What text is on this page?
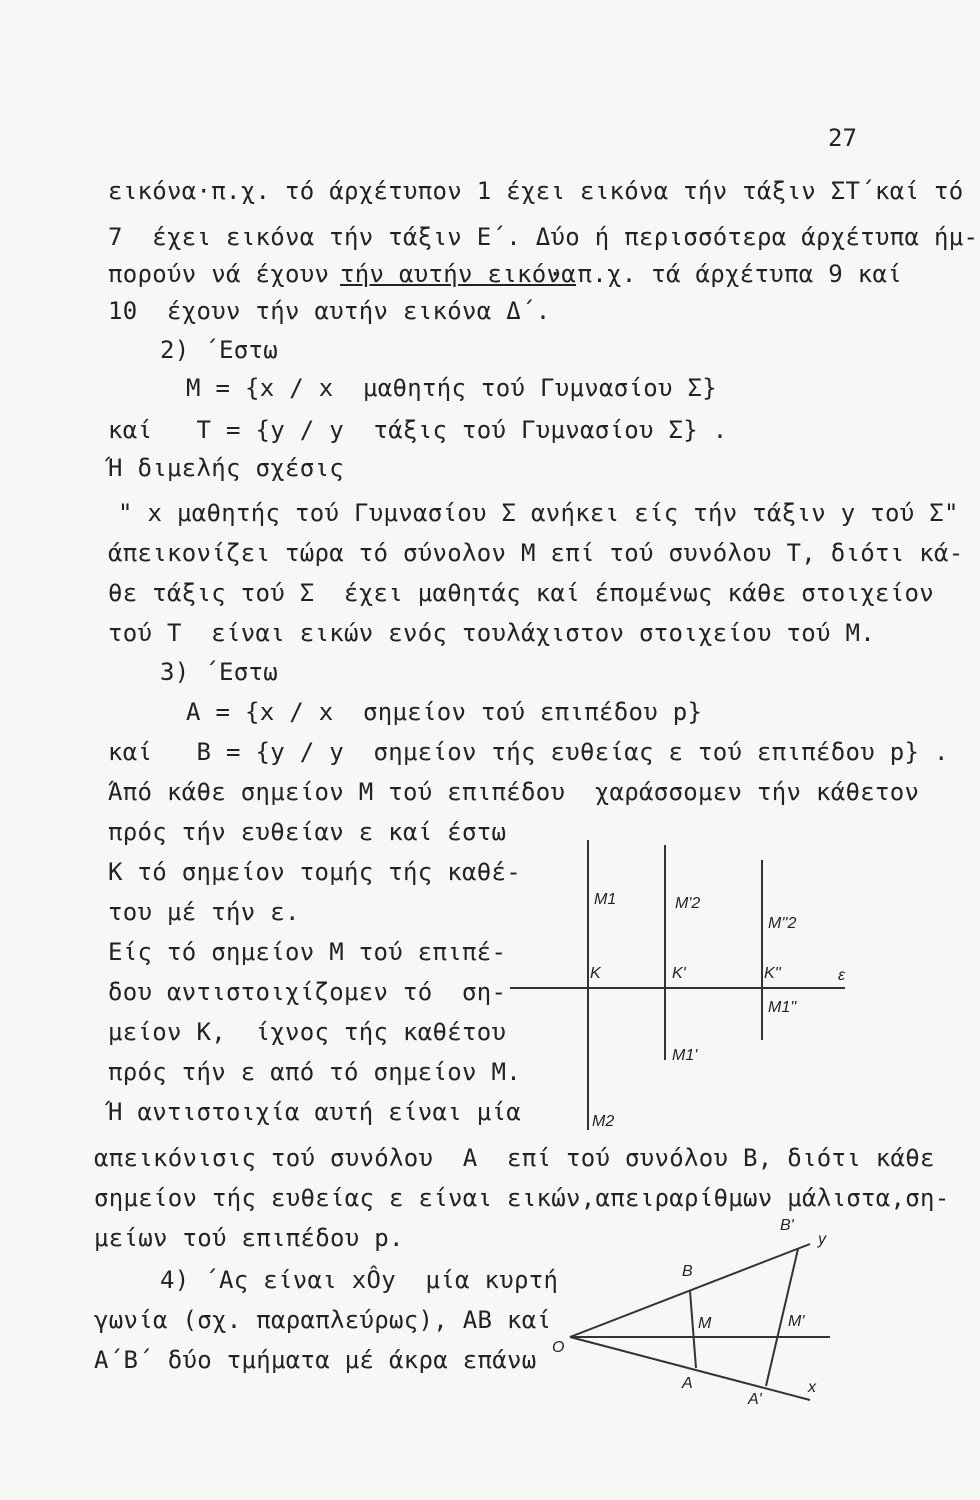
27
εικόνα·π.χ. τό άρχέτυπον 1 έχει εικόνα τήν τάξιν ΣΤ΄καί τό
7  έχει εικόνα τήν τάξιν Ε΄. Δύο ή περισσότερα άρχέτυπα ήμ-
πορούν νά έχουν τήν αυτήν εικόνα
· π.χ. τά άρχέτυπα 9 καί
10  έχουν τήν αυτήν εικόνα Δ΄.
2) ΄Εστω
Μ = {x / x  μαθητής τού Γυμνασίου Σ}
καί   T = {y / y  τάξις τού Γυμνασίου Σ} .
Ή διμελής σχέσις
" x μαθητής τού Γυμνασίου Σ ανήκει είς τήν τάξιν y τού Σ"
άπεικονίζει τώρα τό σύνολον Μ επί τού συνόλου Τ, διότι κά-
θε τάξις τού Σ  έχει μαθητάς καί έπομένως κάθε στοιχείον
τού Τ  είναι εικών ενός τουλάχιστον στοιχείου τού Μ.
3) ΄Εστω
Α = {x / x  σημείον τού επιπέδου p}
καί   Β = {y / y  σημείον τής ευθείας ε τού επιπέδου p} .
Άπό κάθε σημείον Μ τού επιπέδου  χαράσσομεν τήν κάθετον
πρός τήν ευθείαν ε καί έστω
Κ τό σημείον τομής τής καθέ-
του μέ τήν ε.
Είς τό σημείον Μ τού επιπέ-
δου αντιστοιχίζομεν τό  ση-
μείον Κ,  ίχνος τής καθέτου
πρός τήν ε από τό σημείον Μ.
Ή αντιστοιχία αυτή είναι μία
απεικόνισις τού συνόλου  Α  επί τού συνόλου Β, διότι κάθε
σημείον τής ευθείας ε είναι εικών,απειραρίθμων μάλιστα,ση-
μείων τού επιπέδου p.
4) ΄Ας είναι xÔy  μία κυρτή
γωνία (σχ. παραπλεύρως), ΑΒ καί
Α΄Β΄ δύο τμήματα μέ άκρα επάνω
M1	M'2
M''2
K	K'	K''	ε
M1''
M1'
M2
B'
y
B
O
M	M'
A
A'
x
